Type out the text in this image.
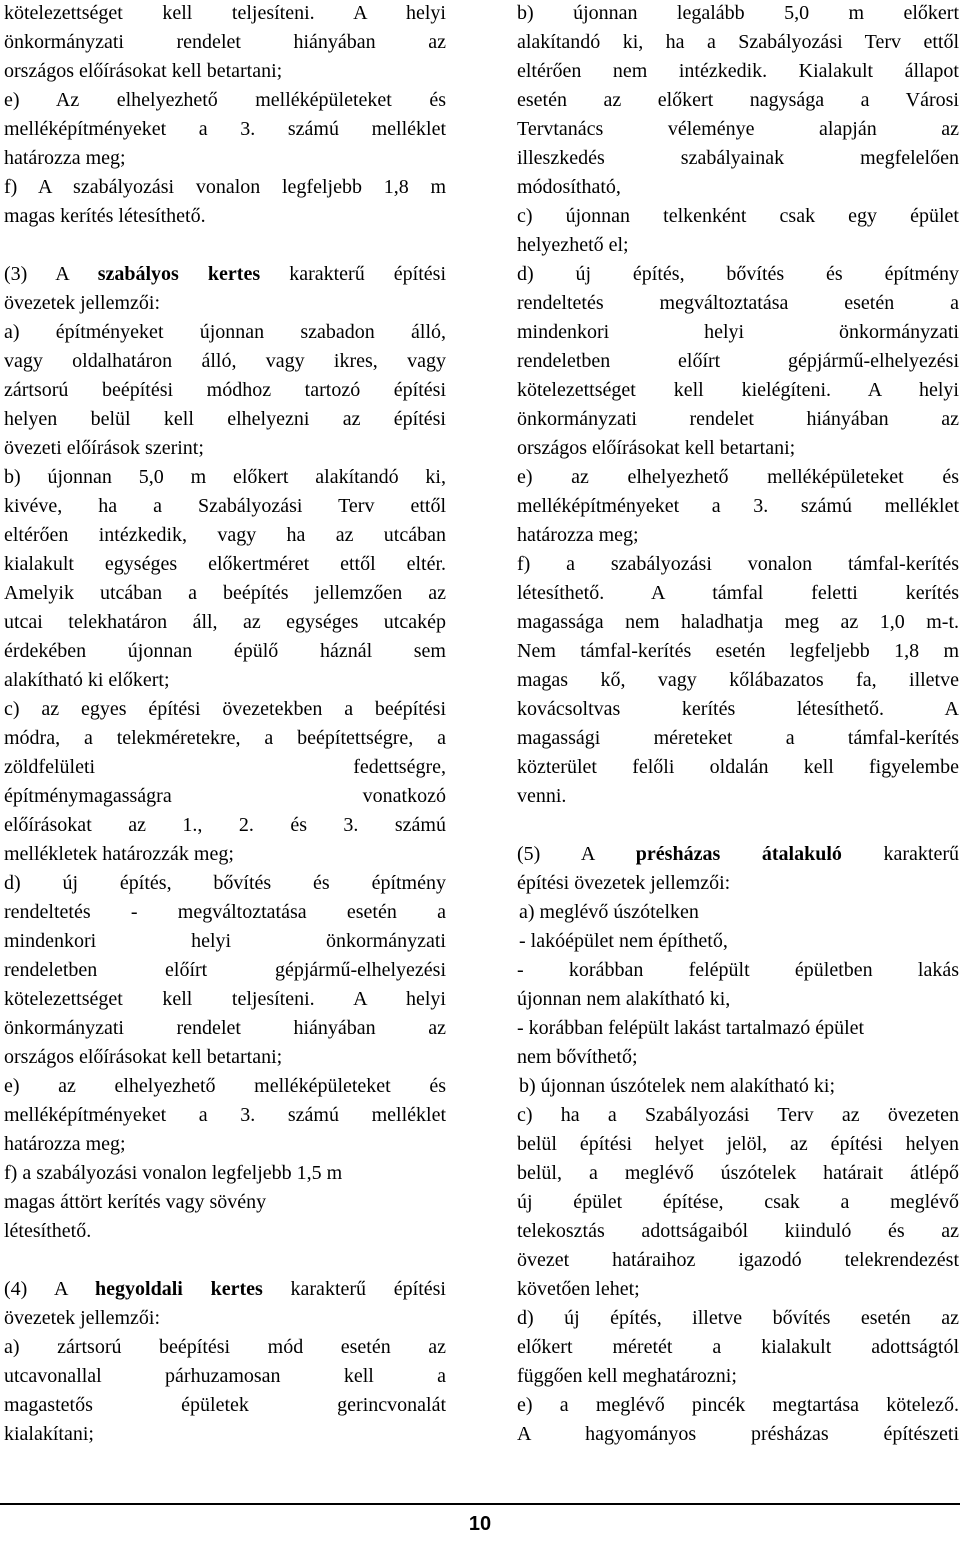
kötelezettséget kell teljesíteni. A helyi
önkormányzati rendelet hiányában az
országos előírásokat kell betartani;
e) Az elhelyezhető melléképületeket és
melléképítményeket a 3. számú melléklet
határozza meg;
f) A szabályozási vonalon legfeljebb 1,8 m
magas kerítés létesíthető.
(3) A szabályos kertes karakterű építési
övezetek jellemzői:
a) építményeket újonnan szabadon álló,
vagy oldalhatáron álló, vagy ikres, vagy
zártsorú beépítési módhoz tartozó építési
helyen belül kell elhelyezni az építési
övezeti előírások szerint;
b) újonnan 5,0 m előkert alakítandó ki,
kivéve, ha a Szabályozási Terv ettől
eltérően intézkedik, vagy ha az utcában
kialakult egységes előkertméret ettől eltér.
Amelyik utcában a beépítés jellemzően az
utcai telekhatáron áll, az egységes utcakép
érdekében újonnan épülő háznál sem
alakítható ki előkert;
c) az egyes építési övezetekben a beépítési
módra, a telekméretekre, a beépítettségre, a
zöldfelületi fedettségre,
építménymagasságra vonatkozó
előírásokat az 1., 2. és 3. számú
mellékletek határozzák meg;
d) új építés, bővítés és építmény
rendeltetés - megváltoztatása esetén a
mindenkori helyi önkormányzati
rendeletben előírt gépjármű-elhelyezési
kötelezettséget kell teljesíteni. A helyi
önkormányzati rendelet hiányában az
országos előírásokat kell betartani;
e) az elhelyezhető melléképületeket és
melléképítményeket a 3. számú melléklet
határozza meg;
f) a szabályozási vonalon legfeljebb 1,5 m
magas áttört kerítés vagy sövény
létesíthető.
(4) A hegyoldali kertes karakterű építési
övezetek jellemzői:
a) zártsorú beépítési mód esetén az
utcavonallal párhuzamosan kell a
magastetős épületek gerincvonalát
kialakítani;
b) újonnan legalább 5,0 m előkert
alakítandó ki, ha a Szabályozási Terv ettől
eltérően nem intézkedik. Kialakult állapot
esetén az előkert nagysága a Városi
Tervtanács véleménye alapján az
illeszkedés szabályainak megfelelően
módosítható,
c) újonnan telkenként csak egy épület
helyezhető el;
d) új építés, bővítés és építmény
rendeltetés megváltoztatása esetén a
mindenkori helyi önkormányzati
rendeletben előírt gépjármű-elhelyezési
kötelezettséget kell kielégíteni. A helyi
önkormányzati rendelet hiányában az
országos előírásokat kell betartani;
e) az elhelyezhető melléképületeket és
melléképítményeket a 3. számú melléklet
határozza meg;
f) a szabályozási vonalon támfal-kerítés
létesíthető. A támfal feletti kerítés
magassága nem haladhatja meg az 1,0 m-t.
Nem támfal-kerítés esetén legfeljebb 1,8 m
magas kő, vagy kőlábazatos fa, illetve
kovácsoltvas kerítés létesíthető. A
magassági méreteket a támfal-kerítés
közterület felőli oldalán kell figyelembe
venni.
(5) A présházas átalakuló karakterű
építési övezetek jellemzői:
a) meglévő úszótelken
- lakóépület nem építhető,
- korábban felépült épületben lakás
újonnan nem alakítható ki,
- korábban felépült lakást tartalmazó épület
nem bővíthető;
b) újonnan úszótelek nem alakítható ki;
c) ha a Szabályozási Terv az övezeten
belül építési helyet jelöl, az építési helyen
belül, a meglévő úszótelek határait átlépő
új épület építése, csak a meglévő
telekosztás adottságaiból kiinduló és az
övezet határaihoz igazodó telekrendezést
követően lehet;
d) új építés, illetve bővítés esetén az
előkert méretét a kialakult adottságtól
függően kell meghatározni;
e) a meglévő pincék megtartása kötelező.
A hagyományos présházas építészeti
10
